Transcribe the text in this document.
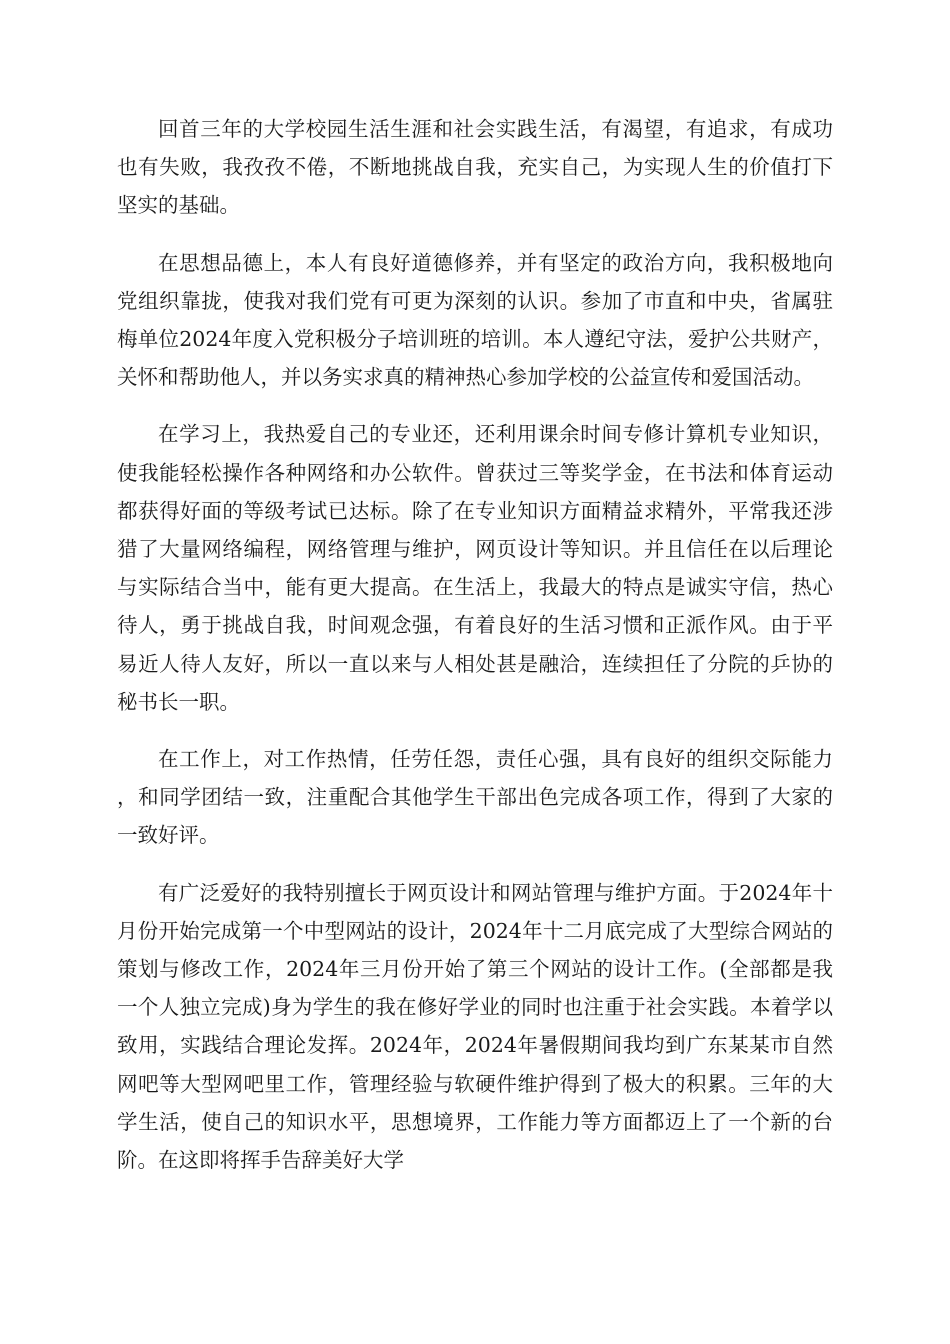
回首三年的大学校园生活生涯和社会实践生活，有渴望，有追求，有成功也有失败，我孜孜不倦，不断地挑战自我，充实自己，为实现人生的价值打下坚实的基础。

在思想品德上，本人有良好道德修养，并有坚定的政治方向，我积极地向党组织靠拢，使我对我们党有可更为深刻的认识。参加了市直和中央，省属驻梅单位2024年度入党积极分子培训班的培训。本人遵纪守法，爱护公共财产，关怀和帮助他人，并以务实求真的精神热心参加学校的公益宣传和爱国活动。

在学习上，我热爱自己的专业还，还利用课余时间专修计算机专业知识，使我能轻松操作各种网络和办公软件。曾获过三等奖学金，在书法和体育运动都获得好面的等级考试已达标。除了在专业知识方面精益求精外，平常我还涉猎了大量网络编程，网络管理与维护，网页设计等知识。并且信任在以后理论与实际结合当中，能有更大提高。在生活上，我最大的特点是诚实守信，热心待人，勇于挑战自我，时间观念强，有着良好的生活习惯和正派作风。由于平易近人待人友好，所以一直以来与人相处甚是融洽，连续担任了分院的乒协的秘书长一职。

在工作上，对工作热情，任劳任怨，责任心强，具有良好的组织交际能力，和同学团结一致，注重配合其他学生干部出色完成各项工作，得到了大家的一致好评。

有广泛爱好的我特别擅长于网页设计和网站管理与维护方面。于2024年十月份开始完成第一个中型网站的设计，2024年十二月底完成了大型综合网站的策划与修改工作，2024年三月份开始了第三个网站的设计工作。(全部都是我一个人独立完成)身为学生的我在修好学业的同时也注重于社会实践。本着学以致用，实践结合理论发挥。2024年，2024年暑假期间我均到广东某某市自然网吧等大型网吧里工作，管理经验与软硬件维护得到了极大的积累。三年的大学生活，使自己的知识水平，思想境界，工作能力等方面都迈上了一个新的台阶。在这即将挥手告辞美好大学
